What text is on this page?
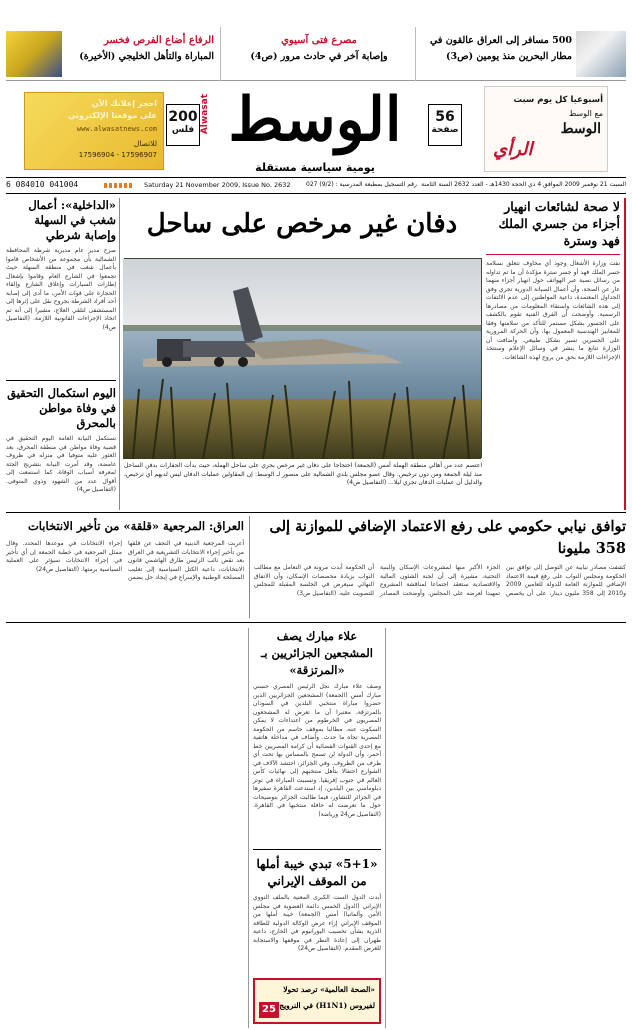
الرفاع أضاع الفرص فخسر
المباراة والتأهل الخليجي (الأخيرة)
مصرع فتى آسيوي
وإصابة آخر في حادث مرور (ص4)
500 مسافر إلى العراق عالقون في
مطار البحرين منذ يومين (ص3)
احجز إعلانك الآن
على موقعنا الإلكتروني
www.alwasatnews.com
للاتصال
17596904 - 17596907
200
فلس الوسط
Alwasat
يومية سياسية مستقلة
56
صفحة
أسبوعيا كل يوم سبت
مع الوسط
الوسط
الرأي
6 084010 041004	Saturday 21 November 2009, Issue No. 2632	رقم التسجيل بمطبعة المدرسية : (9/2) 027 السبت 21 نوفمبر 2009 الموافق 4 ذي الحجة 1430هـ - العدد 2632 السنة الثامنة
«الداخلية»: أعمال شغب في السهلة وإصابة شرطي
صرح مدير عام مديرية شرطة المحافظة الشمالية بأن مجموعة من الأشخاص قاموا بأعمال شغب في منطقة السهلة حيث تجمعوا في الشارع العام وقاموا بإشعال إطارات السيارات وإغلاق الشارع وإلقاء الحجارة على قوات الأمن، ما أدى إلى إصابة أحد أفراد الشرطة بجروح نقل على إثرها إلى المستشفى لتلقي العلاج، مشيرا إلى أنه تم اتخاذ الإجراءات القانونية اللازمة. (التفاصيل ص4)
اليوم استكمال التحقيق في وفاة مواطن بالمحرق
تستكمل النيابة العامة اليوم التحقيق في قضية وفاة مواطن في منطقة المحرق، بعد العثور عليه متوفيا في منزله في ظروف غامضة، وقد أمرت النيابة بتشريح الجثة لمعرفة أسباب الوفاة، كما استمعت إلى أقوال عدد من الشهود وذوي المتوفى. (التفاصيل ص4)
دفان غير مرخص على ساحل
اعتصم عدد من أهالي منطقة الهملة أمس (الجمعة) احتجاجا على دفان غير مرخص يجري على ساحل الهملة، حيث بدأت الحفارات بدفن الساحل منذ ليلة الجمعة ومن دون ترخيص. وقال عضو مجلس بلدي الشمالية على منصور لـ الوسط: إن المقاولين عمليات الدفان ليس لديهم أي ترخيص، والدليل أن عمليات الدفان تجري ليلا... (التفاصيل ص4)
لا صحة لشائعات انهيار أجزاء من جسري الملك فهد وسترة
نفت وزارة الأشغال وجود أي مخاوف تتعلق بسلامة جسر الملك فهد أو جسر سترة مؤكدة أن ما تم تداوله من رسائل نصية عبر الهواتف حول انهيار أجزاء منهما عار عن الصحة، وأن أعمال الصيانة الدورية تجري وفق الجداول المعتمدة، داعية المواطنين إلى عدم الالتفات إلى هذه الشائعات واستقاء المعلومات من مصادرها الرسمية. وأوضحت أن الفرق الفنية تقوم بالكشف على الجسور بشكل مستمر للتأكد من سلامتها وفقا للمعايير الهندسية المعمول بها، وأن الحركة المرورية على الجسرين تسير بشكل طبيعي. وأضافت أن الوزارة تتابع ما ينشر في وسائل الإعلام وستتخذ الإجراءات اللازمة بحق من يروج لهذه الشائعات.
توافق نيابي حكومي على رفع الاعتماد الإضافي للموازنة إلى 358 مليونا
كشفت مصادر نيابية عن التوصل إلى توافق بين الحكومة ومجلس النواب على رفع قيمة الاعتماد الإضافي للموازنة العامة للدولة للعامين 2009 و2010 إلى 358 مليون دينار، على أن يخصص الجزء الأكبر منها لمشروعات الإسكان والبنية التحتية، مشيرة إلى أن لجنة الشئون المالية والاقتصادية ستعقد اجتماعا لمناقشة المشروع تمهيدا لعرضه على المجلس. وأوضحت المصادر أن الحكومة أبدت مرونة في التعامل مع مطالب النواب بزيادة مخصصات الإسكان، وأن الاتفاق النهائي سيعرض في الجلسة المقبلة للمجلس للتصويت عليه. (التفاصيل ص3)
العراق: المرجعية «قلقة» من تأخير الانتخابات
أعربت المرجعية الدينية في النجف عن قلقها من تأخير إجراء الانتخابات التشريعية في العراق بعد نقض نائب الرئيس طارق الهاشمي قانون الانتخابات، داعية الكتل السياسية إلى تغليب المصلحة الوطنية والإسراع في إيجاد حل يضمن إجراء الانتخابات في موعدها المحدد. وقال ممثل المرجعية في خطبة الجمعة إن أي تأخير في إجراء الانتخابات سيؤثر على العملية السياسية برمتها. (التفاصيل ص24)
علاء مبارك يصف المشجعين الجزائريين بـ «المرتزقة»
وصف علاء مبارك نجل الرئيس المصري حسني مبارك أمس (الجمعة) المشجعين الجزائريين الذين حضروا مباراة منتخبي البلدين في السودان بالمرتزقة، معتبرا أن ما تعرض له المشجعون المصريون في الخرطوم من اعتداءات لا يمكن السكوت عنه، مطالبا بموقف حاسم من الحكومة المصرية تجاه ما حدث. وأضاف في مداخلة هاتفية مع إحدى القنوات الفضائية أن كرامة المصريين خط أحمر، وأن الدولة لن تسمح بالمساس بها تحت أي ظرف من الظروف. وفي الجزائر، احتشد الآلاف في الشوارع احتفالا بتأهل منتخبهم إلى نهائيات كأس العالم في جنوب إفريقيا. وتسببت المباراة في توتر دبلوماسي بين البلدين، إذ استدعت القاهرة سفيرها في الجزائر للتشاور، فيما طالبت الجزائر بتوضيحات حول ما تعرضت له حافلة منتخبها في القاهرة. (التفاصيل ص24 ورياضة)
«5+1» تبدي خيبة أملها من الموقف الإيراني
أبدت الدول الست الكبرى المعنية بالملف النووي الإيراني (الدول الخمس دائمة العضوية في مجلس الأمن وألمانيا) أمس (الجمعة) خيبة أملها من الموقف الإيراني إزاء عرض الوكالة الدولية للطاقة الذرية بشأن تخصيب اليورانيوم في الخارج، داعية طهران إلى إعادة النظر في موقفها والاستجابة للعرض المقدم. (التفاصيل ص24)
«الصحة العالمية» ترصد تحولا
لفيروس (H1N1) في النرويج
25
